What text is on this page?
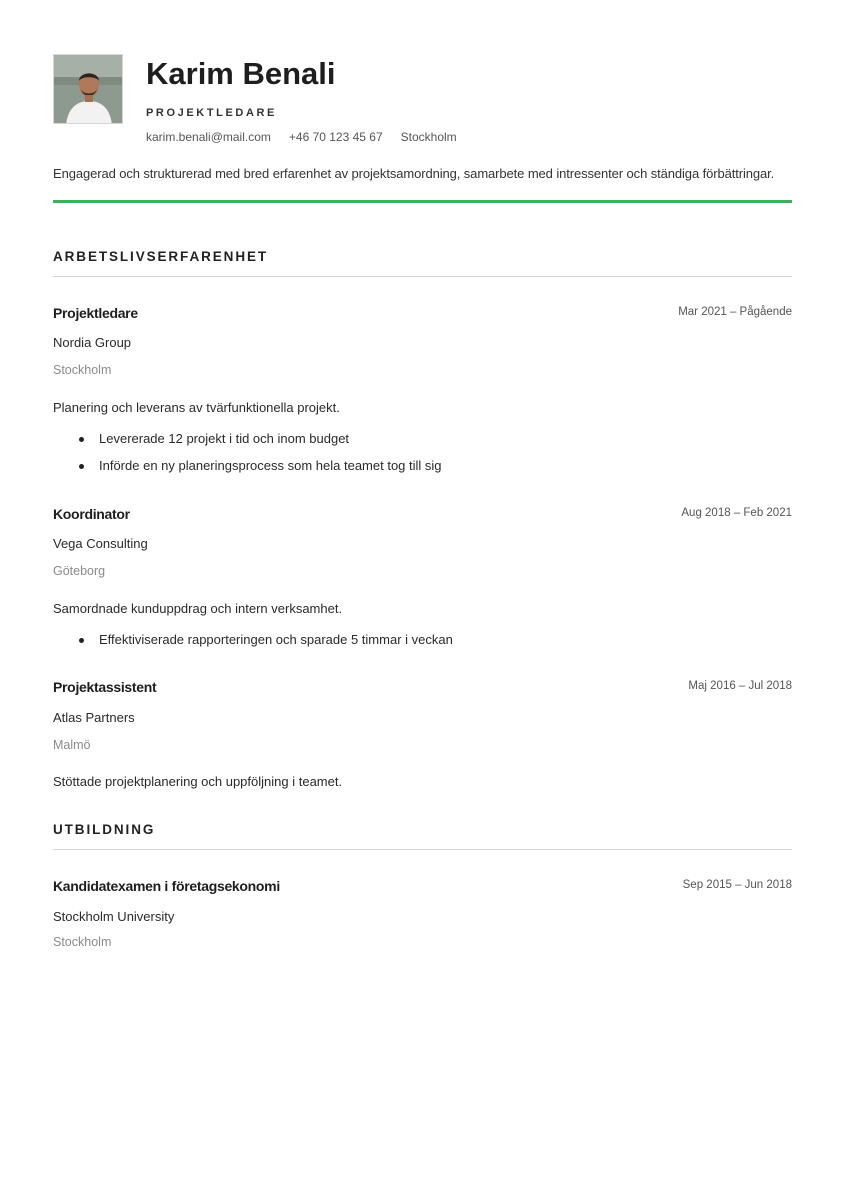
Karim Benali
PROJEKTLEDARE
karim.benali@mail.com +46 70 123 45 67 Stockholm
Engagerad och strukturerad med bred erfarenhet av projektsamordning, samarbete med intressenter och ständiga förbättringar.
ARBETSLIVSERFARENHET
Projektledare	Mar 2021 – Pågående
Nordia Group
Stockholm
Planering och leverans av tvärfunktionella projekt.
Levererade 12 projekt i tid och inom budget
Införde en ny planeringsprocess som hela teamet tog till sig
Koordinator	Aug 2018 – Feb 2021
Vega Consulting
Göteborg
Samordnade kunduppdrag och intern verksamhet.
Effektiviserade rapporteringen och sparade 5 timmar i veckan
Projektassistent	Maj 2016 – Jul 2018
Atlas Partners
Malmö
Stöttade projektplanering och uppföljning i teamet.
UTBILDNING
Kandidatexamen i företagsekonomi	Sep 2015 – Jun 2018
Stockholm University
Stockholm
